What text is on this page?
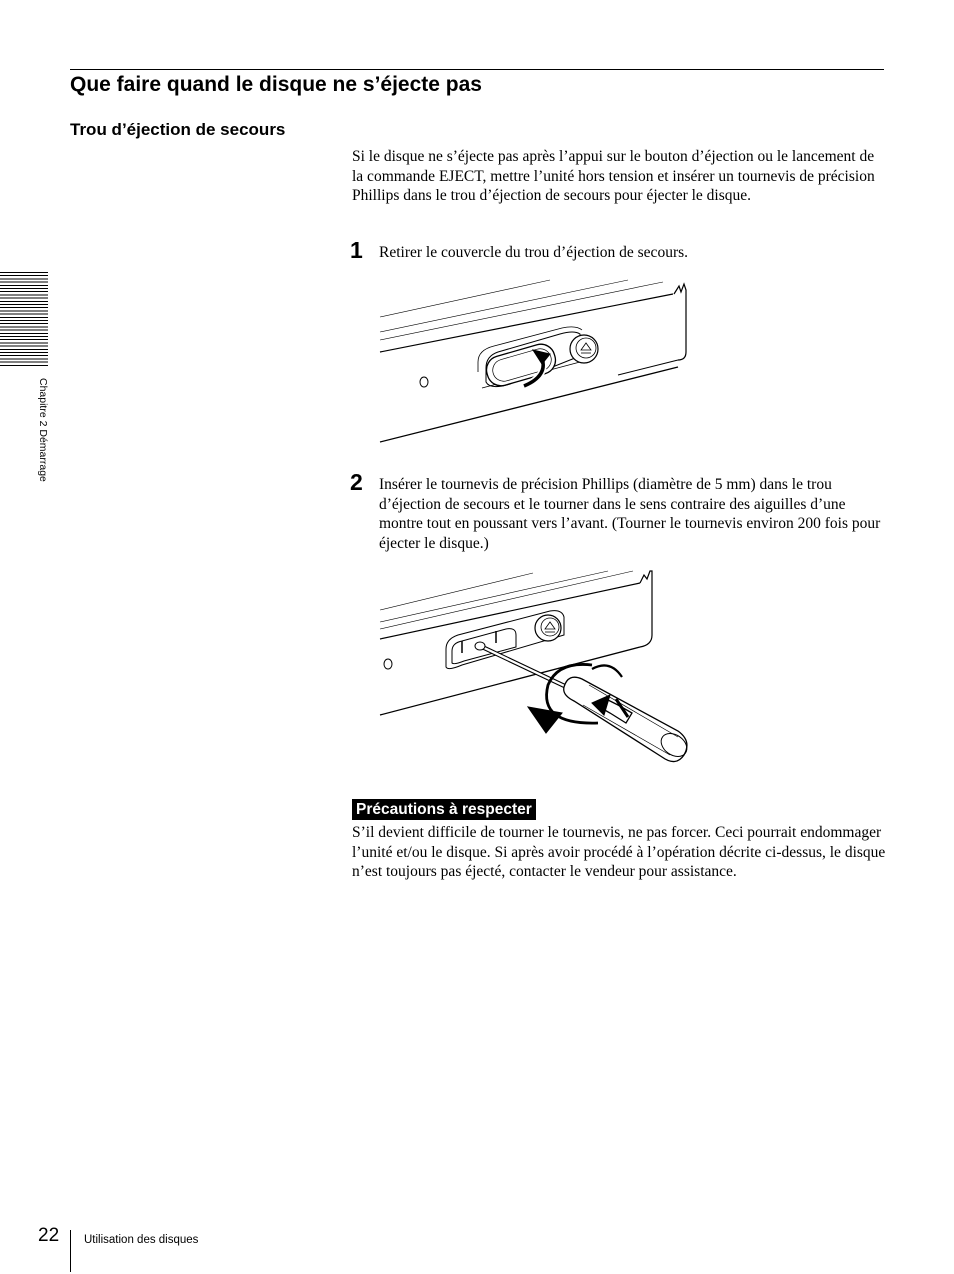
Que faire quand le disque ne s’éjecte pas
Trou d’éjection de secours

Si le disque ne s’éjecte pas après l’appui sur le bouton d’éjection ou le lancement de la commande EJECT, mettre l’unité hors tension et insérer un tournevis de précision Phillips dans le trou d’éjection de secours pour éjecter le disque.

1 Retirer le couvercle du trou d’éjection de secours.

2 Insérer le tournevis de précision Phillips (diamètre de 5 mm) dans le trou d’éjection de secours et le tourner dans le sens contraire des aiguilles d’une montre tout en poussant vers l’avant. (Tourner le tournevis environ 200 fois pour éjecter le disque.)

Précautions à respecter

S’il devient difficile de tourner le tournevis, ne pas forcer. Ceci pourrait endommager l’unité et/ou le disque. Si après avoir procédé à l’opération décrite ci-dessus, le disque n’est toujours pas éjecté, contacter le vendeur pour assistance.

Chapitre 2 Démarrage
22 Utilisation des disques
